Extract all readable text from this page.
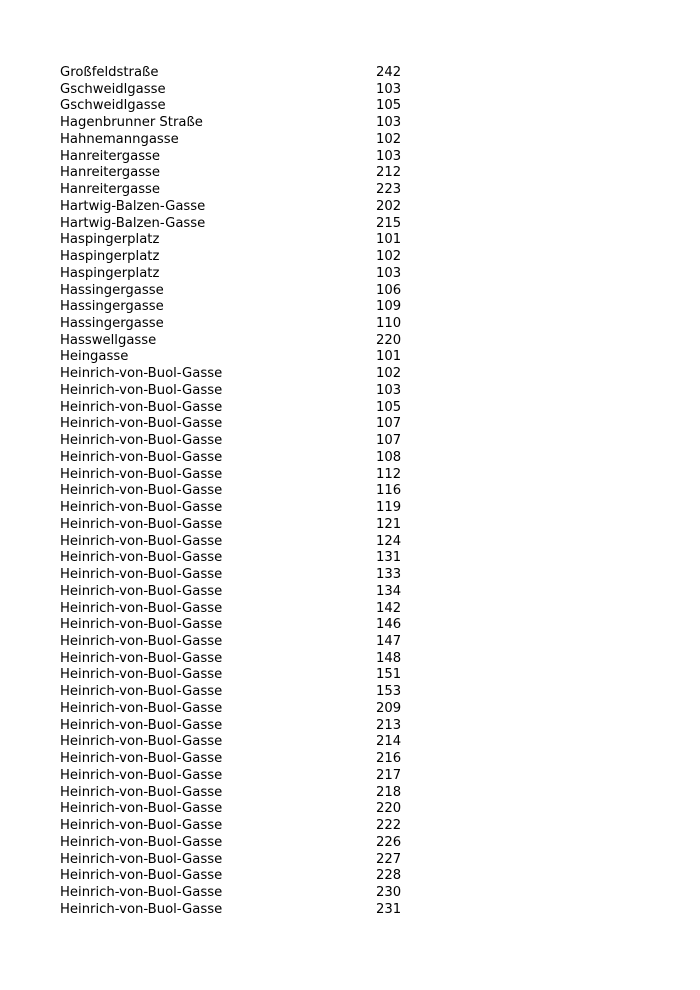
Großfeldstraße	242
Gschweidlgasse	103
Gschweidlgasse	105
Hagenbrunner Straße	103
Hahnemanngasse	102
Hanreitergasse	103
Hanreitergasse	212
Hanreitergasse	223
Hartwig-Balzen-Gasse	202
Hartwig-Balzen-Gasse	215
Haspingerplatz	101
Haspingerplatz	102
Haspingerplatz	103
Hassingergasse	106
Hassingergasse	109
Hassingergasse	110
Hasswellgasse	220
Heingasse	101
Heinrich-von-Buol-Gasse	102
Heinrich-von-Buol-Gasse	103
Heinrich-von-Buol-Gasse	105
Heinrich-von-Buol-Gasse	107
Heinrich-von-Buol-Gasse	107
Heinrich-von-Buol-Gasse	108
Heinrich-von-Buol-Gasse	112
Heinrich-von-Buol-Gasse	116
Heinrich-von-Buol-Gasse	119
Heinrich-von-Buol-Gasse	121
Heinrich-von-Buol-Gasse	124
Heinrich-von-Buol-Gasse	131
Heinrich-von-Buol-Gasse	133
Heinrich-von-Buol-Gasse	134
Heinrich-von-Buol-Gasse	142
Heinrich-von-Buol-Gasse	146
Heinrich-von-Buol-Gasse	147
Heinrich-von-Buol-Gasse	148
Heinrich-von-Buol-Gasse	151
Heinrich-von-Buol-Gasse	153
Heinrich-von-Buol-Gasse	209
Heinrich-von-Buol-Gasse	213
Heinrich-von-Buol-Gasse	214
Heinrich-von-Buol-Gasse	216
Heinrich-von-Buol-Gasse	217
Heinrich-von-Buol-Gasse	218
Heinrich-von-Buol-Gasse	220
Heinrich-von-Buol-Gasse	222
Heinrich-von-Buol-Gasse	226
Heinrich-von-Buol-Gasse	227
Heinrich-von-Buol-Gasse	228
Heinrich-von-Buol-Gasse	230
Heinrich-von-Buol-Gasse	231
